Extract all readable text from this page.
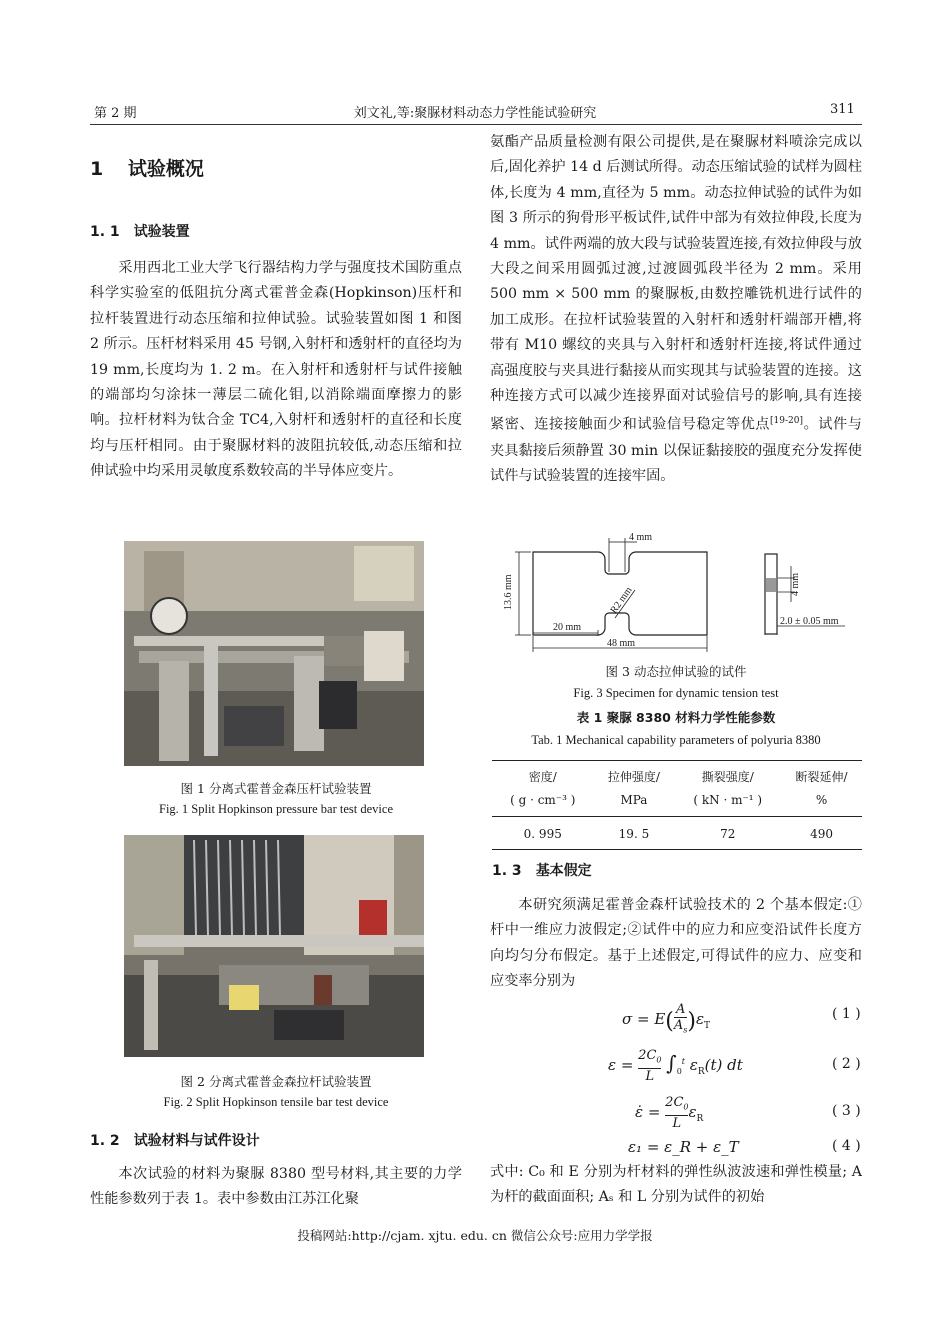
第 2 期	刘文礼,等:聚脲材料动态力学性能试验研究	311
1 试验概况
1. 1 试验装置

采用西北工业大学飞行器结构力学与强度技术国防重点科学实验室的低阻抗分离式霍普金森(Hopkinson)压杆和拉杆装置进行动态压缩和拉伸试验。试验装置如图 1 和图 2 所示。压杆材料采用 45 号钢,入射杆和透射杆的直径均为 19 mm,长度均为 1. 2 m。在入射杆和透射杆与试件接触的端部均匀涂抹一薄层二硫化钼,以消除端面摩擦力的影响。拉杆材料为钛合金 TC4,入射杆和透射杆的直径和长度均与压杆相同。由于聚脲材料的波阻抗较低,动态压缩和拉伸试验中均采用灵敏度系数较高的半导体应变片。

图 1 分离式霍普金森压杆试验装置
Fig. 1 Split Hopkinson pressure bar test device
图 2 分离式霍普金森拉杆试验装置
Fig. 2 Split Hopkinson tensile bar test device
1. 2 试验材料与试件设计

本次试验的材料为聚脲 8380 型号材料,其主要的力学性能参数列于表 1。表中参数由江苏江化聚

氨酯产品质量检测有限公司提供,是在聚脲材料喷涂完成以后,固化养护 14 d 后测试所得。动态压缩试验的试样为圆柱体,长度为 4 mm,直径为 5 mm。动态拉伸试验的试件为如图 3 所示的狗骨形平板试件,试件中部为有效拉伸段,长度为 4 mm。试件两端的放大段与试验装置连接,有效拉伸段与放大段之间采用圆弧过渡,过渡圆弧段半径为 2 mm。采用 500 mm × 500 mm 的聚脲板,由数控雕铣机进行试件的加工成形。在拉杆试验装置的入射杆和透射杆端部开槽,将带有 M10 螺纹的夹具与入射杆和透射杆连接,将试件通过高强度胶与夹具进行黏接从而实现其与试验装置的连接。这种连接方式可以减少连接界面对试验信号的影响,具有连接紧密、连接接触面少和试验信号稳定等优点[19-20]。试件与夹具黏接后须静置 30 min 以保证黏接胶的强度充分发挥使试件与试验装置的连接牢固。

4 mm
13.6 mm	R2 mm
20 mm
48 mm
4 mm
2.0 ± 0.05 mm
图 3 动态拉伸试验的试件
Fig. 3 Specimen for dynamic tension test
表 1 聚脲 8380 材料力学性能参数
Tab. 1 Mechanical capability parameters of polyuria 8380
密度/	拉伸强度/	撕裂强度/	断裂延伸/
( g · cm⁻³ )	MPa	( kN · m⁻¹ )	%
0. 995	19. 5	72	490
1. 3 基本假定

本研究须满足霍普金森杆试验技术的 2 个基本假定:①杆中一维应力波假定;②试件中的应力和应变沿试件长度方向均匀分布假定。基于上述假定,可得试件的应力、应变和应变率分别为

$\sigma = E( \frac{A}{A_s} )\varepsilon_T$
( 1 )
$\varepsilon = \frac{2C_0}{L} \int_0^t$ $\varepsilon_R(t)$ dt	( 2 )
ε̇ = $\frac{2C_0}{L} \varepsilon_R$	( 3 )
ε₁ = ε_R + ε_T	( 4 )

式中: C₀ 和 E 分别为杆材料的弹性纵波波速和弹性模量; A 为杆的截面面积; Aₛ 和 L 分别为试件的初始

投稿网站:http://cjam. xjtu. edu. cn 微信公众号:应用力学学报
